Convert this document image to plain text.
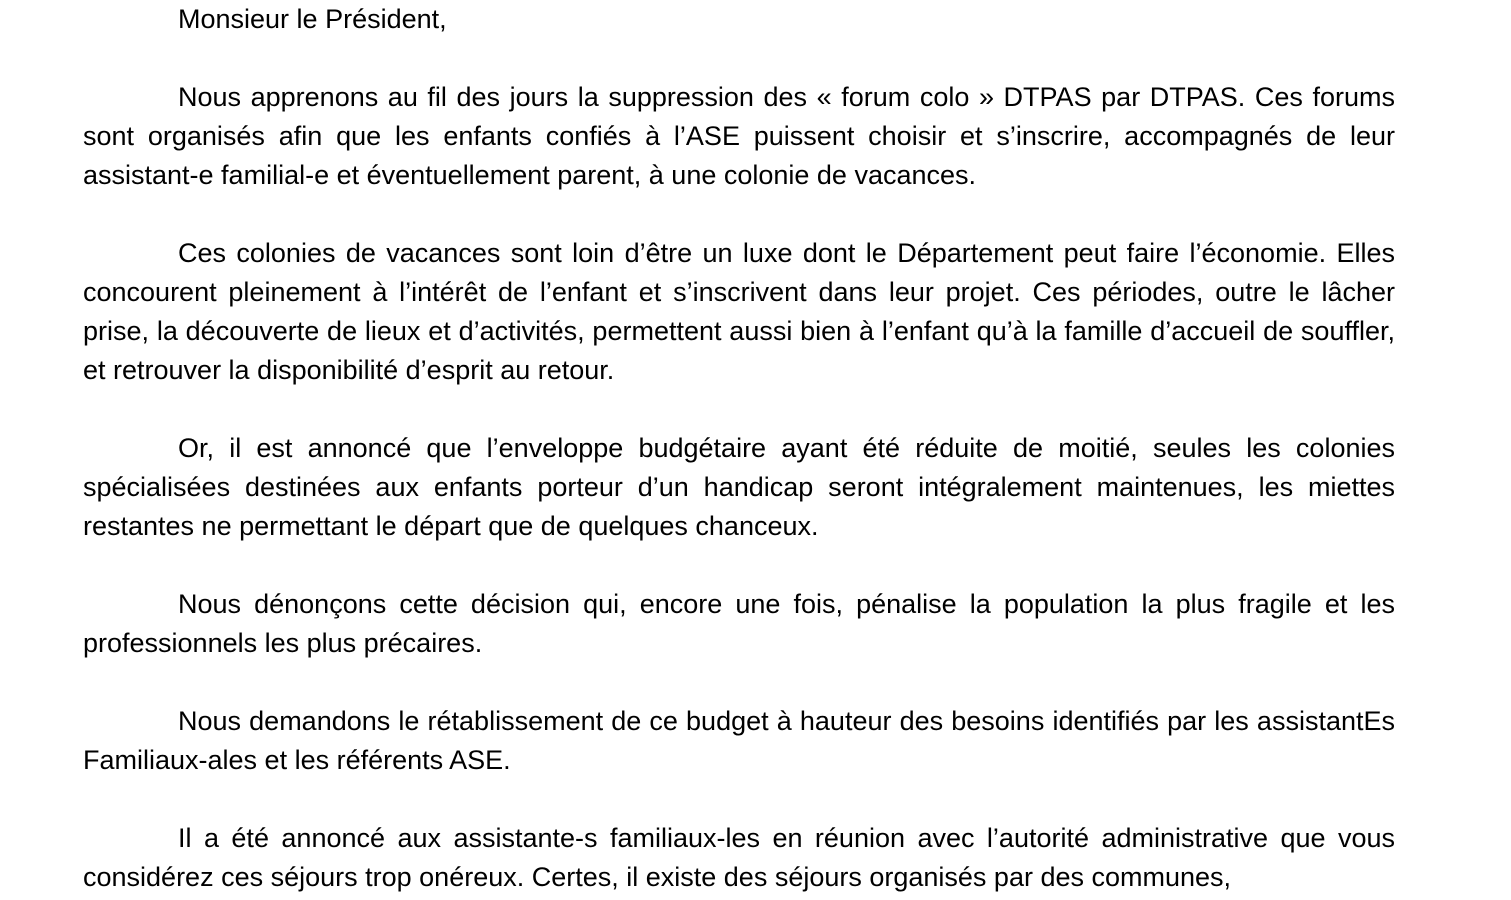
Monsieur le Président,

Nous apprenons au fil des jours la suppression des « forum colo » DTPAS par DTPAS. Ces forums sont organisés afin que les enfants confiés à l’ASE puissent choisir et s’inscrire, accompagnés de leur assistant-e familial-e et éventuellement parent, à une colonie de vacances.

Ces colonies de vacances sont loin d’être un luxe dont le Département peut faire l’économie. Elles concourent pleinement à l’intérêt de l’enfant et s’inscrivent dans leur projet. Ces périodes, outre le lâcher prise, la découverte de lieux et d’activités, permettent aussi bien à l’enfant qu’à la famille d’accueil de souffler, et retrouver la disponibilité d’esprit au retour.

Or, il est annoncé que l’enveloppe budgétaire ayant été réduite de moitié, seules les colonies spécialisées destinées aux enfants porteur d’un handicap seront intégralement maintenues, les miettes restantes ne permettant le départ que de quelques chanceux.

Nous dénonçons cette décision qui, encore une fois, pénalise la population la plus fragile et les professionnels les plus précaires.

Nous demandons le rétablissement de ce budget à hauteur des besoins identifiés par les assistantEs Familiaux-ales et les référents ASE.

Il a été annoncé aux assistante-s familiaux-les en réunion avec l’autorité administrative que vous considérez ces séjours trop onéreux. Certes, il existe des séjours organisés par des communes,
